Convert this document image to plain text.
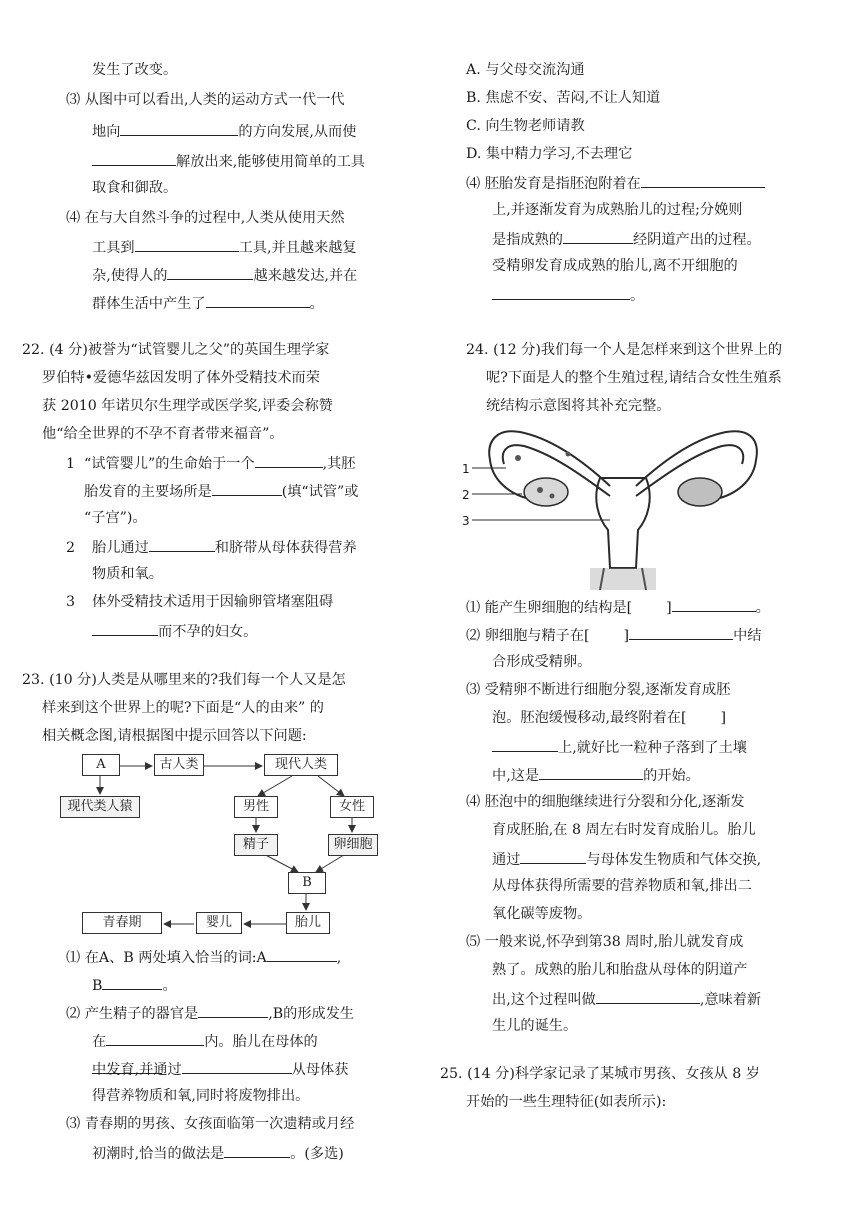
发生了改变。
⑶ 从图中可以看出,人类的运动方式一代一代
地向	的方向发展,从而使
解放出来,能够使用简单的工具
取食和御敌。
⑷ 在与大自然斗争的过程中,人类从使用天然
工具到	工具,并且越来越复
杂,使得人的	越来越发达,并在
群体生活中产生了	。
22. (4 分)被誉为“试管婴儿之父”的英国生理学家
罗伯特•爱德华兹因发明了体外受精技术而荣
获 2010 年诺贝尔生理学或医学奖,评委会称赞
他“给全世界的不孕不育者带来福音”。
1 “试管婴儿”的生命始于一个	,其胚
胎发育的主要场所是	(填“试管”或
“子宫”)。
2 胎儿通过	和脐带从母体获得营养
物质和氧。
3 体外受精技术适用于因输卵管堵塞阻碍
而不孕的妇女。
23. (10 分)人类是从哪里来的?我们每一个人又是怎
样来到这个世界上的呢?下面是“人的由来” 的
相关概念图,请根据图中提示回答以下问题:
A	古人类	现代人类
现代类人猿	男性	女性
精子	卵细胞
B
胎儿
婴儿
青春期
⑴ 在A、B 两处填入恰当的词:A	,
B	。
⑵ 产生精子的器官是	,B的形成发生
在	内。胎儿在母体的
中发育,并通过	从母体获
得营养物质和氧,同时将废物排出。
⑶ 青春期的男孩、女孩面临第一次遗精或月经
初潮时,恰当的做法是	。(多选)
A. 与父母交流沟通
B. 焦虑不安、苦闷,不让人知道
C. 向生物老师请教
D. 集中精力学习,不去理它
⑷ 胚胎发育是指胚泡附着在
上,并逐渐发育为成熟胎儿的过程;分娩则
是指成熟的	经阴道产出的过程。
受精卵发育成成熟的胎儿,离不开细胞的
。
24. (12 分)我们每一个人是怎样来到这个世界上的
呢?下面是人的整个生殖过程,请结合女性生殖系
统结构示意图将其补充完整。
1
2
3
⑴ 能产生卵细胞的结构是[ ]	。
⑵ 卵细胞与精子在[ ]	中结
合形成受精卵。
⑶ 受精卵不断进行细胞分裂,逐渐发育成胚
泡。胚泡缓慢移动,最终附着在[ ]
上,就好比一粒种子落到了土壤
中,这是	的开始。
⑷ 胚泡中的细胞继续进行分裂和分化,逐渐发
育成胚胎,在 8 周左右时发育成胎儿。胎儿
通过	与母体发生物质和气体交换,
从母体获得所需要的营养物质和氧,排出二
氧化碳等废物。
⑸ 一般来说,怀孕到第38 周时,胎儿就发育成
熟了。成熟的胎儿和胎盘从母体的阴道产
出,这个过程叫做	,意味着新
生儿的诞生。
25. (14 分)科学家记录了某城市男孩、女孩从 8 岁
开始的一些生理特征(如表所示):
